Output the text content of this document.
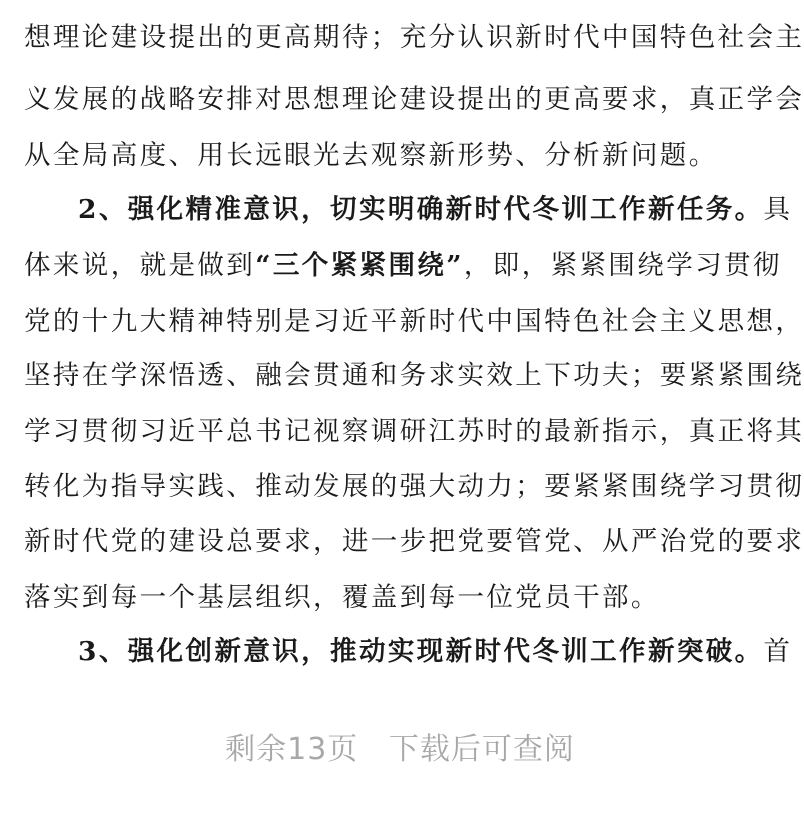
想理论建设提出的更高期待；充分认识新时代中国特色社会主
义发展的战略安排对思想理论建设提出的更高要求，真正学会
从全局高度、用长远眼光去观察新形势、分析新问题。
2、强化精准意识，切实明确新时代冬训工作新任务。具
体来说，就是做到“三个紧紧围绕”，即，紧紧围绕学习贯彻
党的十九大精神特别是习近平新时代中国特色社会主义思想，
坚持在学深悟透、融会贯通和务求实效上下功夫；要紧紧围绕
学习贯彻习近平总书记视察调研江苏时的最新指示，真正将其
转化为指导实践、推动发展的强大动力；要紧紧围绕学习贯彻
新时代党的建设总要求，进一步把党要管党、从严治党的要求
落实到每一个基层组织，覆盖到每一位党员干部。
3、强化创新意识，推动实现新时代冬训工作新突破。首
剩余13页 下载后可查阅
